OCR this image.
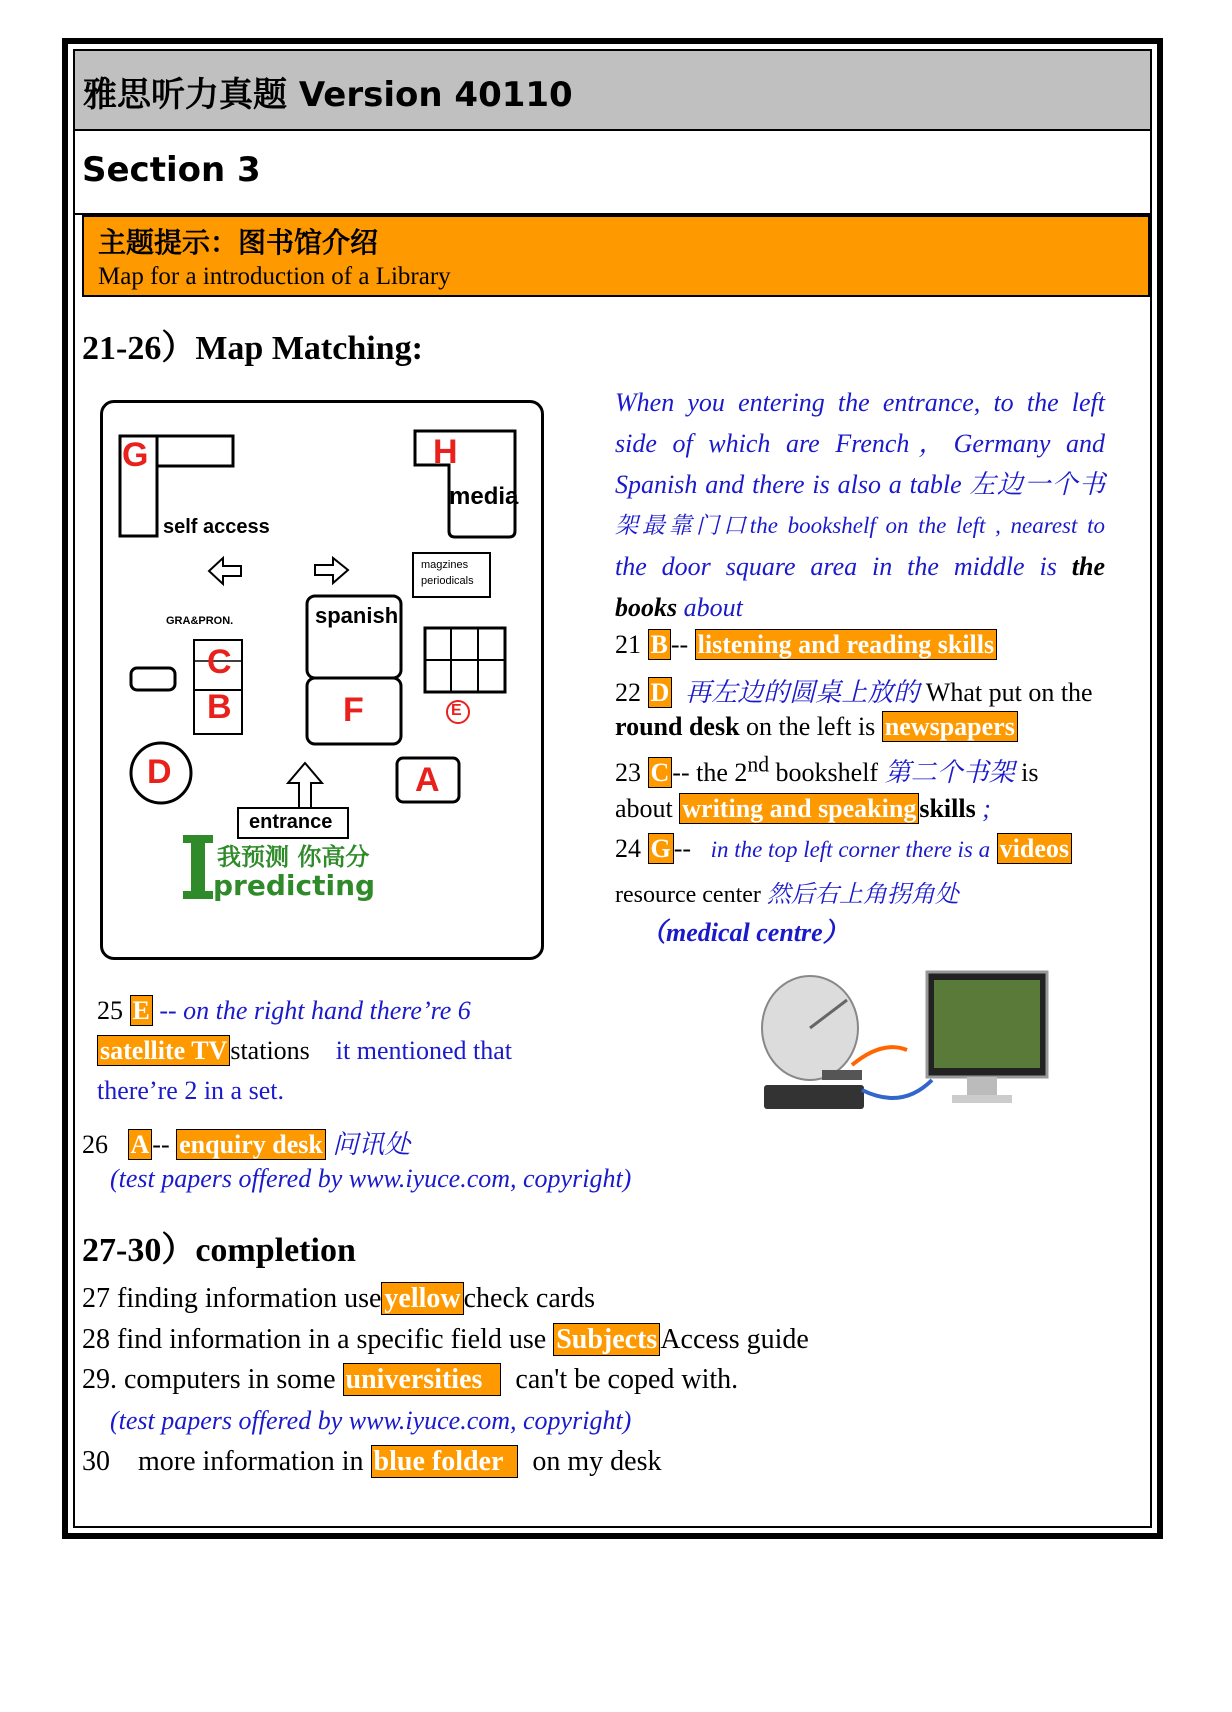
雅思听力真题 Version 40110
Section 3
主题提示：图书馆介绍
Map for a introduction of a Library
21-26）Map Matching:
G	H
media
self access
magzines
periodicals
GRA&PRON.	spanish
C
B	F	E
D	A
entrance
我预测 你高分
predicting
When you entering the entrance, to the left
side of which are French，Germany and
Spanish and there is also a table 左边一个书
架最靠门口the bookshelf on the left , nearest to
the door square area in the middle is the
books about
21 B -- listening and reading skills
22 D 再左边的圆桌上放的 What put on the
round desk on the left is newspapers
23 C -- the 2nd bookshelf 第二个书架 is
about writing and speaking skills ;
24 G -- in the top left corner there is a videos
resource center 然后右上角拐角处
（medical centre）
25 E -- on the right hand there’re 6
satellite TV stations it mentioned that
there’re 2 in a set.
26 A -- enquiry desk 问讯处
(test papers offered by www.iyuce.com, copyright)
27-30）completion
27 finding information use yellow check cards
28 find information in a specific field use Subjects Access guide
29. computers in some universities can't be coped with.
(test papers offered by www.iyuce.com, copyright)
30 more information in blue folder on my desk
